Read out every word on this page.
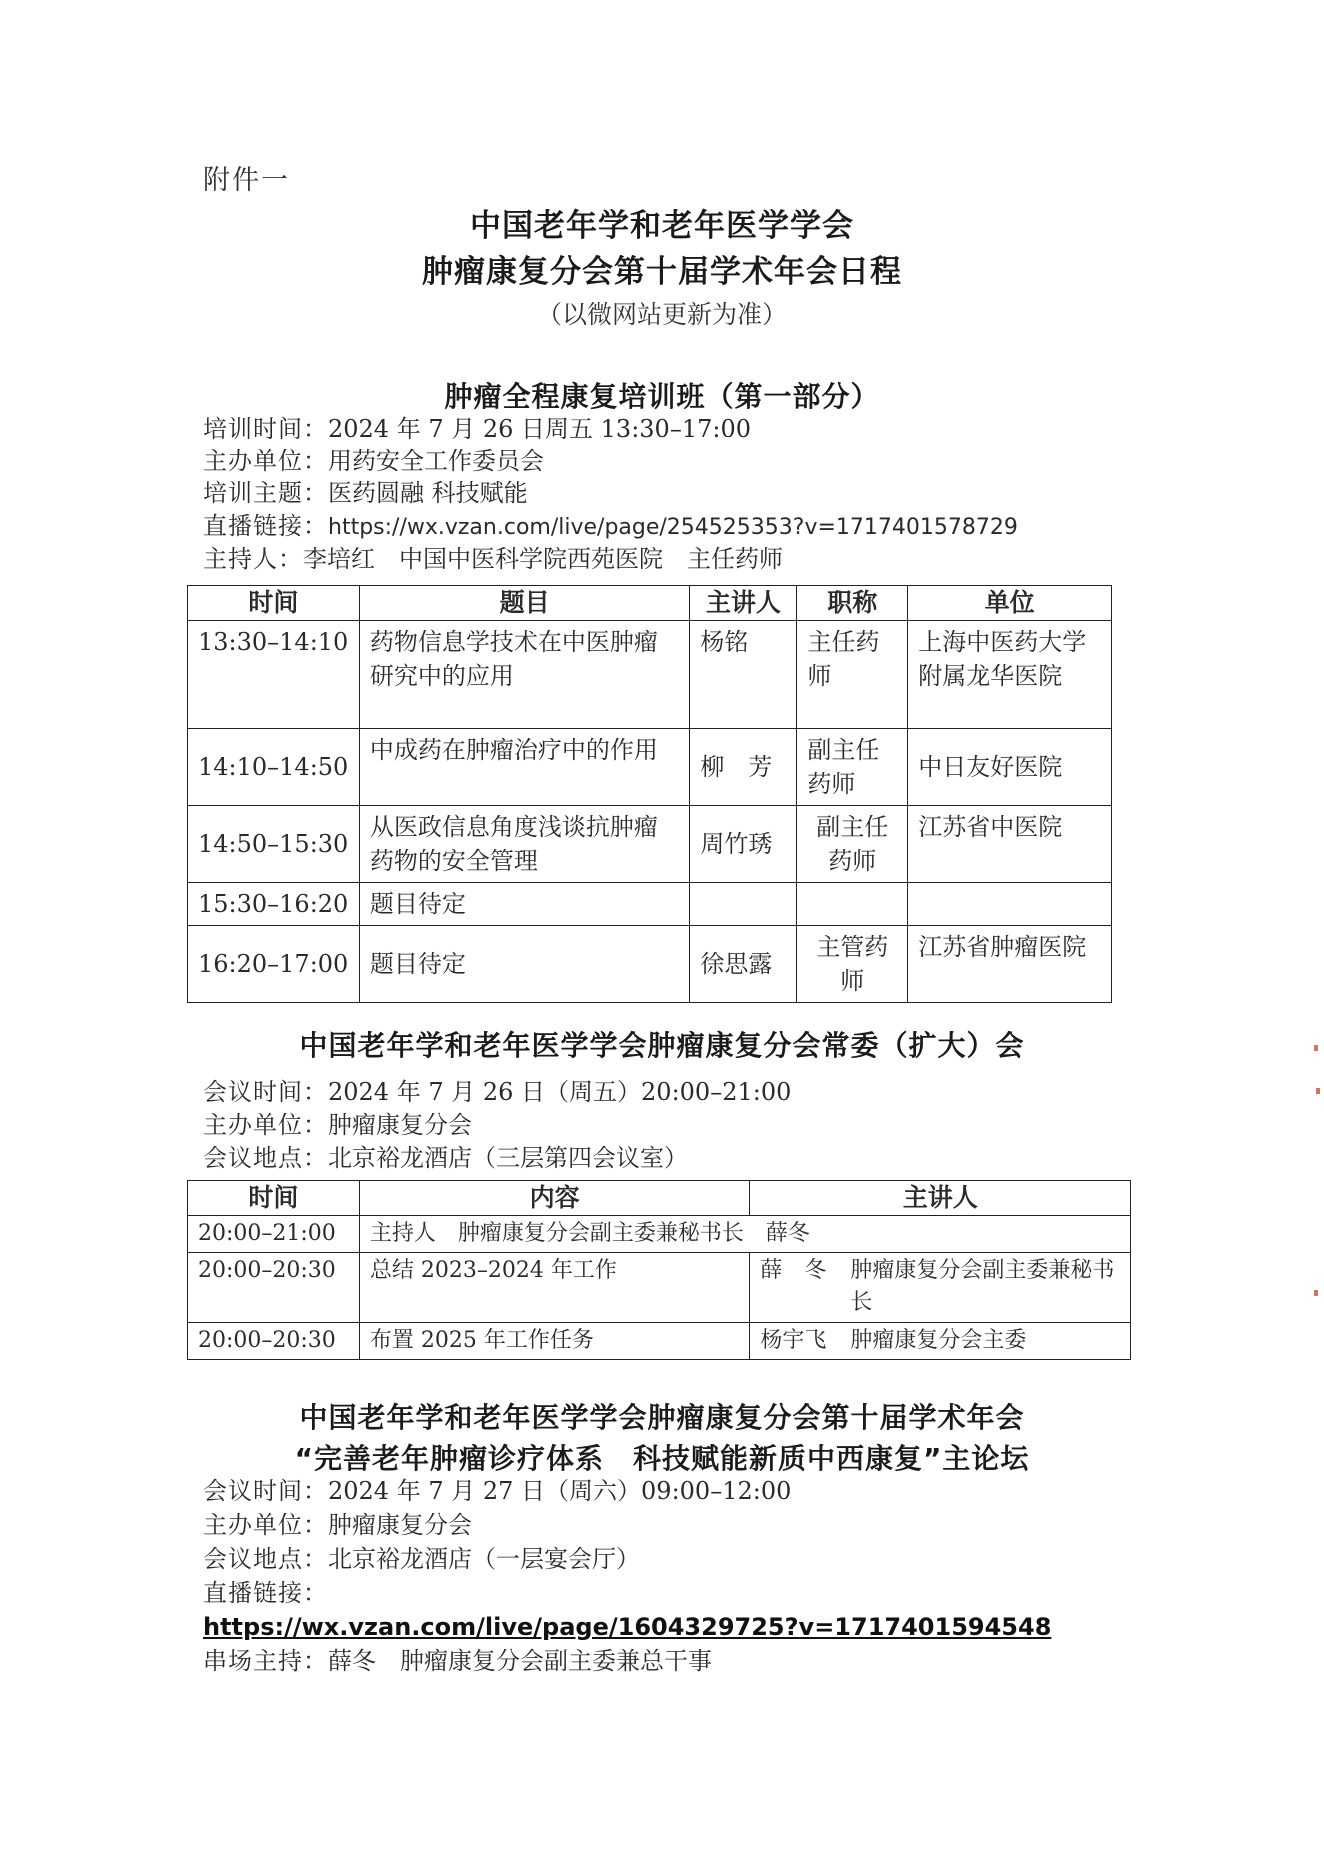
附件一
中国老年学和老年医学学会
肿瘤康复分会第十届学术年会日程
（以微网站更新为准）
肿瘤全程康复培训班（第一部分）
培训时间：2024 年 7 月 26 日周五 13:30–17:00
主办单位：用药安全工作委员会
培训主题：医药圆融 科技赋能
直播链接：https://wx.vzan.com/live/page/254525353?v=1717401578729
主持人：李培红　中国中医科学院西苑医院　主任药师
时间	题目	主讲人	职称	单位
13:30–14:10	药物信息学技术在中医肿瘤研究中的应用	杨铭	主任药师	上海中医药大学附属龙华医院
14:10–14:50	中成药在肿瘤治疗中的作用	柳　芳	副主任药师	中日友好医院
14:50–15:30	从医政信息角度浅谈抗肿瘤药物的安全管理	周竹琇	副主任药师	江苏省中医院
15:30–16:20	题目待定			
16:20–17:00	题目待定	徐思露	主管药师	江苏省肿瘤医院
中国老年学和老年医学学会肿瘤康复分会常委（扩大）会
会议时间：2024 年 7 月 26 日（周五）20:00–21:00
主办单位：肿瘤康复分会
会议地点：北京裕龙酒店（三层第四会议室）
时间	内容	主讲人
20:00–21:00	主持人　肿瘤康复分会副主委兼秘书长　薛冬	
20:00–20:30	总结 2023–2024 年工作	薛　冬 肿瘤康复分会副主委兼秘书长

20:00–20:30	布置 2025 年工作任务	杨宇飞 肿瘤康复分会主委
中国老年学和老年医学学会肿瘤康复分会第十届学术年会
“完善老年肿瘤诊疗体系　科技赋能新质中西康复”主论坛
会议时间：2024 年 7 月 27 日（周六）09:00–12:00
主办单位：肿瘤康复分会
会议地点：北京裕龙酒店（一层宴会厅）
直播链接：
https://wx.vzan.com/live/page/1604329725?v=1717401594548
串场主持：薛冬　肿瘤康复分会副主委兼总干事
